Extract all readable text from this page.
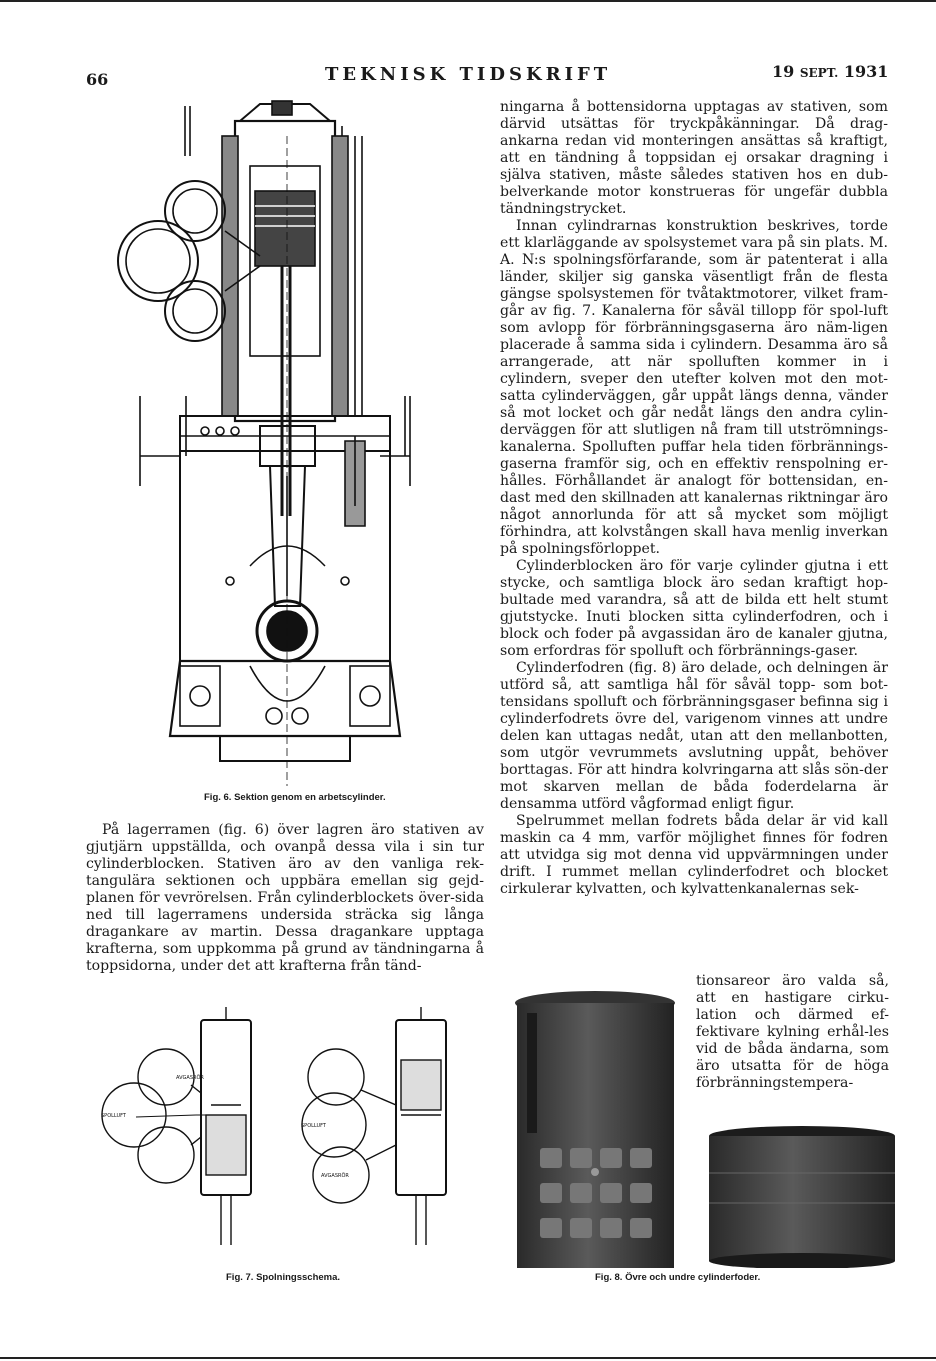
66	TEKNISK TIDSKRIFT	19 SEPT. 1931
Fig. 6. Sektion genom en arbetscylinder.

ningarna å bottensidorna upptagas av stativen, som därvid utsättas för tryckpåkänningar. Då drag-ankarna redan vid monteringen ansättas så kraftigt, att en tändning å toppsidan ej orsakar dragning i själva stativen, måste således stativen hos en dub-belverkande motor konstrueras för ungefär dubbla tändningstrycket.

Innan cylindrarnas konstruktion beskrives, torde ett klarläggande av spolsystemet vara på sin plats. M. A. N:s spolningsförfarande, som är patenterat i alla länder, skiljer sig ganska väsentligt från de flesta gängse spolsystemen för tvåtaktmotorer, vilket fram-går av fig. 7. Kanalerna för såväl tillopp för spol-luft som avlopp för förbränningsgaserna äro näm-ligen placerade å samma sida i cylindern. Desamma äro så arrangerade, att när spolluften kommer in i cylindern, sveper den utefter kolven mot den mot-satta cylinderväggen, går uppåt längs denna, vänder så mot locket och går nedåt längs den andra cylin-derväggen för att slutligen nå fram till utströmnings-kanalerna. Spolluften puffar hela tiden förbrännings-gaserna framför sig, och en effektiv renspolning er-hålles. Förhållandet är analogt för bottensidan, en-dast med den skillnaden att kanalernas riktningar äro något annorlunda för att så mycket som möjligt förhindra, att kolvstången skall hava menlig inverkan på spolningsförloppet.

Cylinderblocken äro för varje cylinder gjutna i ett stycke, och samtliga block äro sedan kraftigt hop-bultade med varandra, så att de bilda ett helt stumt gjutstycke. Inuti blocken sitta cylinderfodren, och i block och foder på avgassidan äro de kanaler gjutna, som erfordras för spolluft och förbrännings-gaser.

Cylinderfodren (fig. 8) äro delade, och delningen är utförd så, att samtliga hål för såväl topp- som bot-tensidans spolluft och förbränningsgaser befinna sig i cylinderfodrets övre del, varigenom vinnes att undre delen kan uttagas nedåt, utan att den mellanbotten, som utgör vevrummets avslutning uppåt, behöver borttagas. För att hindra kolvringarna att slås sön-der mot skarven mellan de båda foderdelarna är densamma utförd vågformad enligt figur.

Spelrummet mellan fodrets båda delar är vid kall maskin ca 4 mm, varför möjlighet finnes för fodren att utvidga sig mot denna vid uppvärmningen under drift. I rummet mellan cylinderfodret och blocket cirkulerar kylvatten, och kylvattenkanalernas sek-

tionsareor äro valda så, att en hastigare cirku-lation och därmed ef-fektivare kylning erhål-les vid de båda ändarna, som äro utsatta för de höga förbränningstempera-

På lagerramen (fig. 6) över lagren äro stativen av gjutjärn uppställda, och ovanpå dessa vila i sin tur cylinderblocken. Stativen äro av den vanliga rek-tangulära sektionen och uppbära emellan sig gejd-planen för vevrörelsen. Från cylinderblockets över-sida ned till lagerramens undersida sträcka sig långa dragankare av martin. Dessa dragankare upptaga krafterna, som uppkomma på grund av tändningarna å toppsidorna, under det att krafterna från tänd-

AVGASRÖR
SPOLLUFT
SPOLLUFT
AVGASRÖR
Fig. 7. Spolningsschema.	Fig. 8. Övre och undre cylinderfoder.
